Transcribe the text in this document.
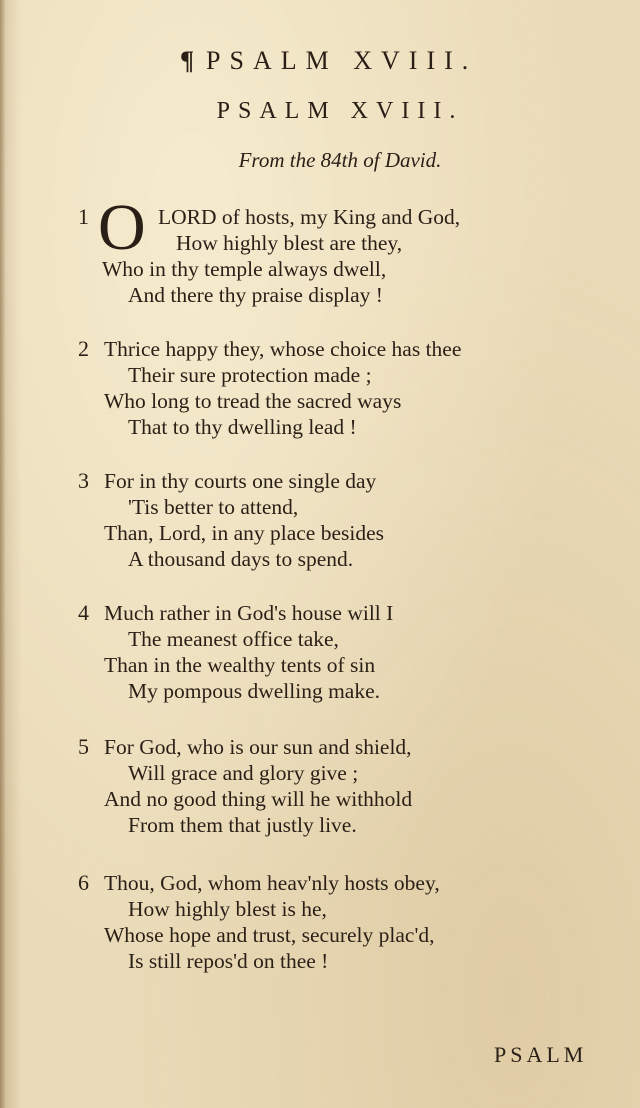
¶ PSALM XVIII.
PSALM XVIII.
From the 84th of David.
1 O LORD of hosts, my King and God,
How highly blest are they,
Who in thy temple always dwell,
And there thy praise display !
2 Thrice happy they, whose choice has thee
Their sure protection made ;
Who long to tread the sacred ways
That to thy dwelling lead !
3 For in thy courts one single day
'Tis better to attend,
Than, Lord, in any place besides
A thousand days to spend.
4 Much rather in God's house will I
The meanest office take,
Than in the wealthy tents of sin
My pompous dwelling make.
5 For God, who is our sun and shield,
Will grace and glory give ;
And no good thing will he withhold
From them that justly live.
6 Thou, God, whom heav'nly hosts obey,
How highly blest is he,
Whose hope and trust, securely plac'd,
Is still repos'd on thee !
PSALM
